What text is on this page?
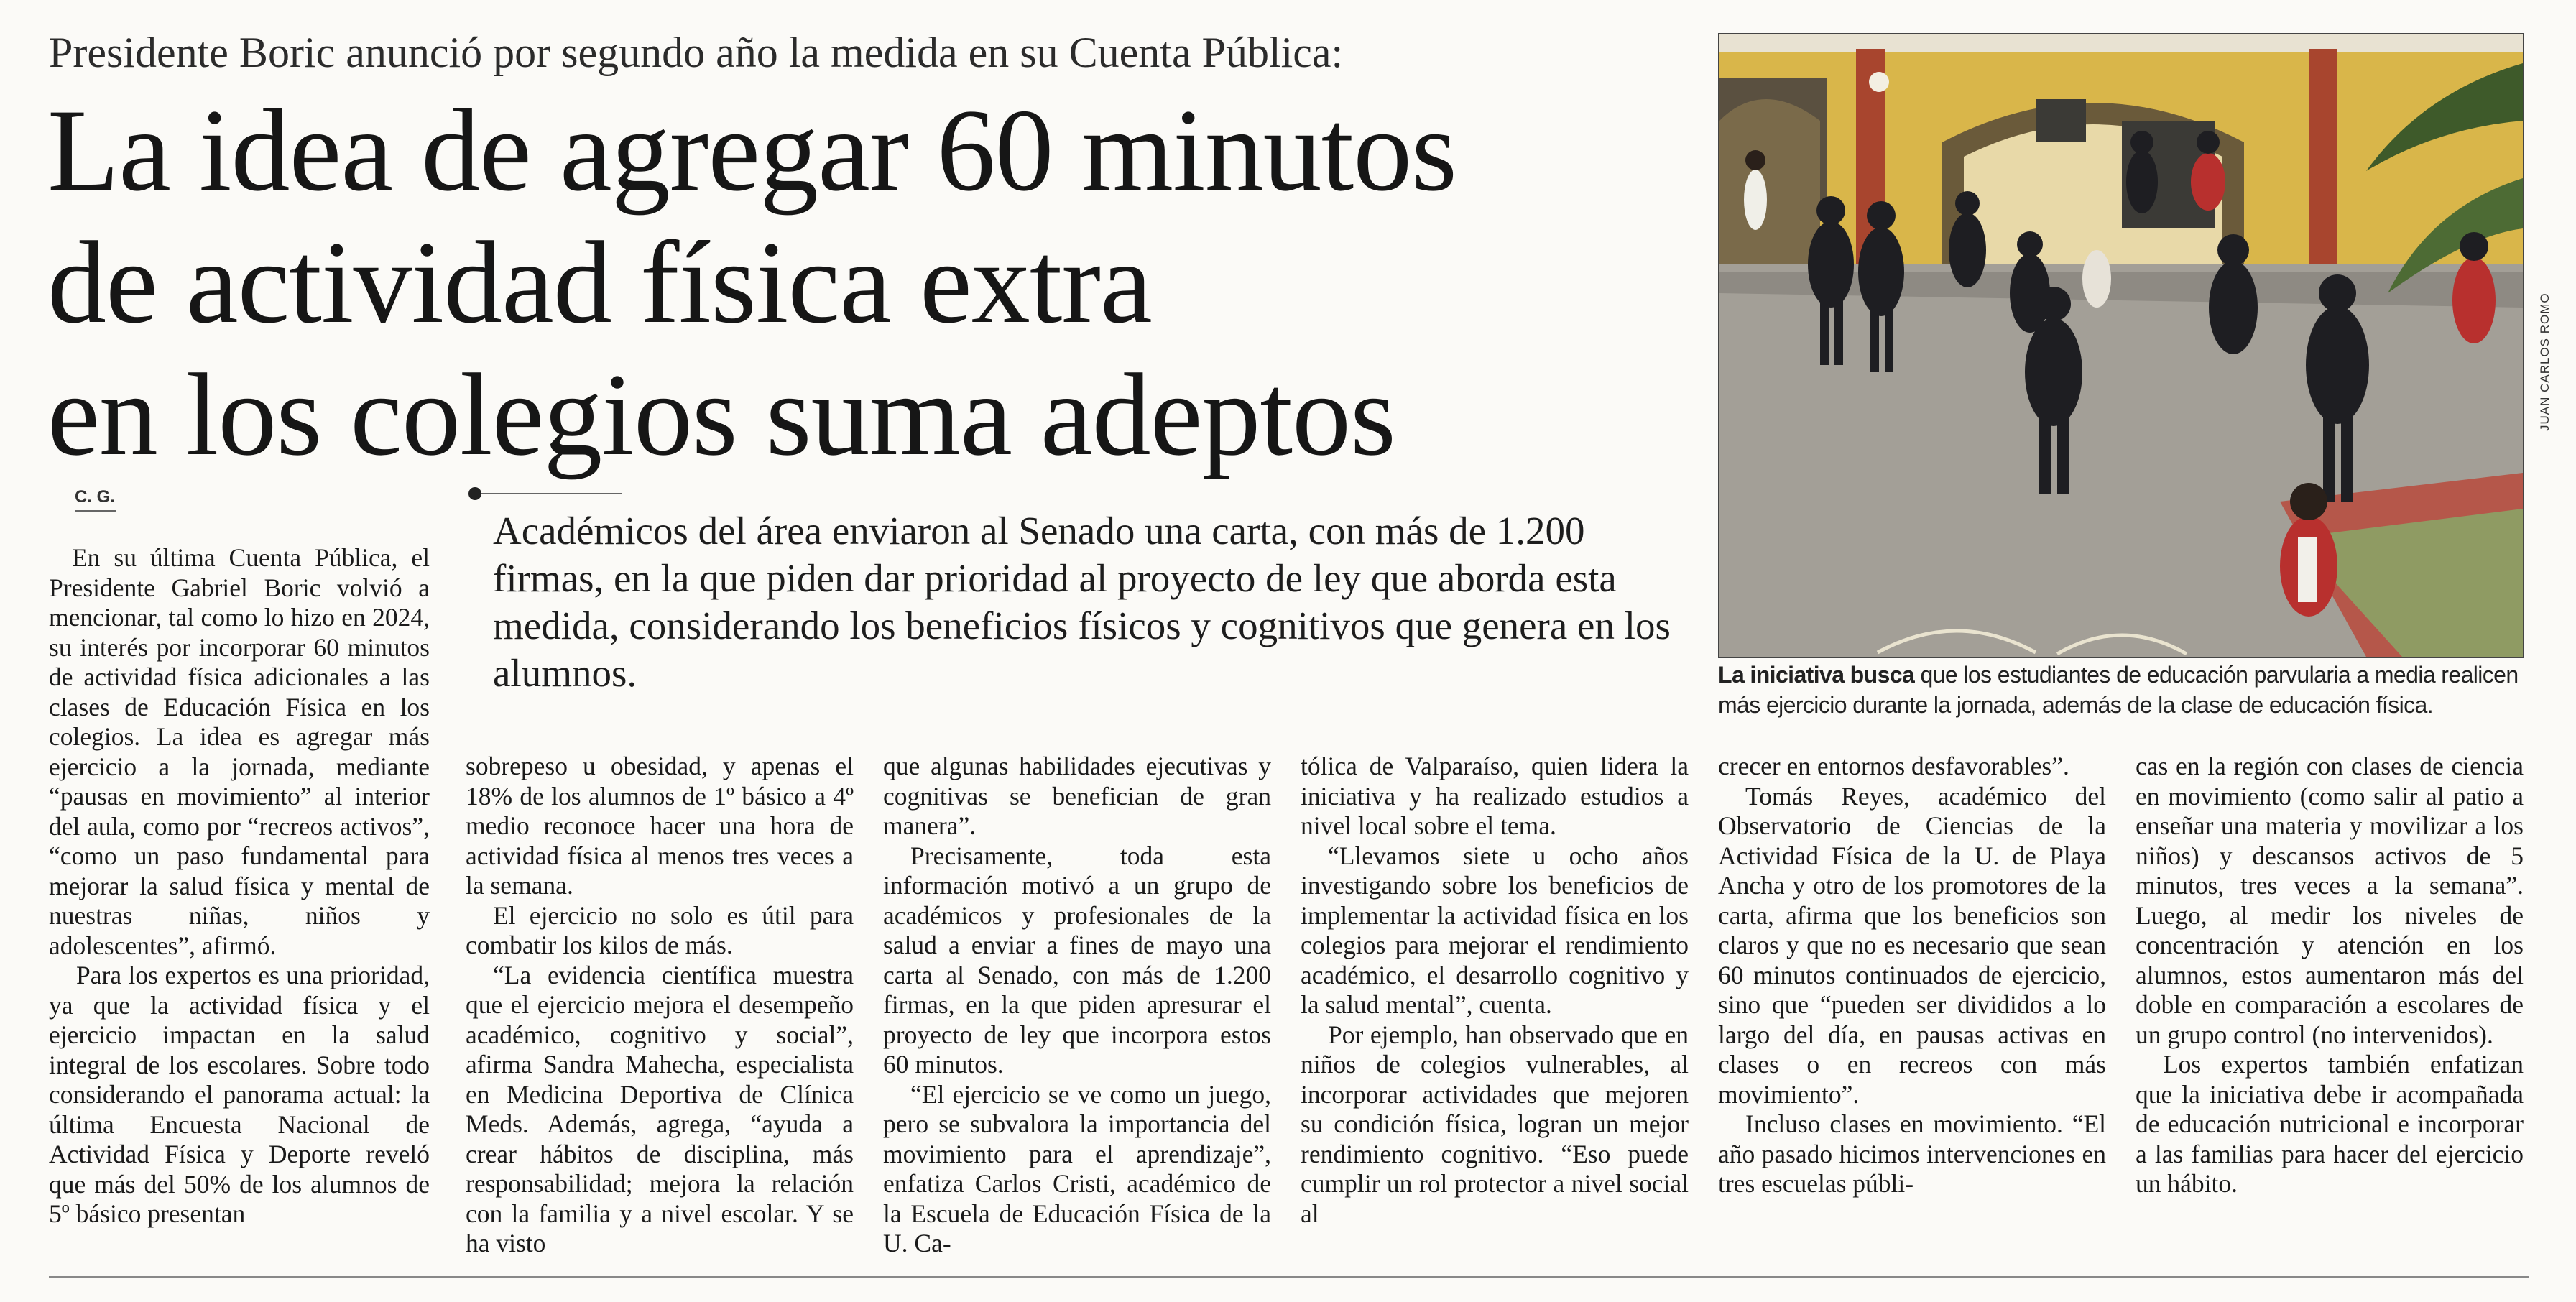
Presidente Boric anunció por segundo año la medida en su Cuenta Pública:
La idea de agregar 60 minutos
de actividad física extra
en los colegios suma adeptos
C. G.
Académicos del área enviaron al Senado una carta, con más de 1.200 firmas, en la que piden dar prioridad al proyecto de ley que aborda esta medida, considerando los beneficios físicos y cognitivos que genera en los alumnos.

En su última Cuenta Pública, el Presidente Gabriel Boric volvió a mencionar, tal como lo hizo en 2024, su interés por incorporar 60 minutos de actividad física adicionales a las clases de Educación Física en los colegios. La idea es agregar más ejercicio a la jornada, mediante “pausas en movimiento” al interior del aula, como por “recreos activos”, “como un paso fundamental para mejorar la salud física y mental de nuestras niñas, niños y adolescentes”, afirmó.

Para los expertos es una prioridad, ya que la actividad física y el ejercicio impactan en la salud integral de los escolares. Sobre todo considerando el panorama actual: la última Encuesta Nacional de Actividad Física y Deporte reveló que más del 50% de los alumnos de 5º básico presentan

sobrepeso u obesidad, y apenas el 18% de los alumnos de 1º básico a 4º medio reconoce hacer una hora de actividad física al menos tres veces a la semana.

El ejercicio no solo es útil para combatir los kilos de más.

“La evidencia científica muestra que el ejercicio mejora el desempeño académico, cognitivo y social”, afirma Sandra Mahecha, especialista en Medicina Deportiva de Clínica Meds. Además, agrega, “ayuda a crear hábitos de disciplina, más responsabilidad; mejora la relación con la familia y a nivel escolar. Y se ha visto

que algunas habilidades ejecutivas y cognitivas se benefician de gran manera”.

Precisamente, toda esta información motivó a un grupo de académicos y profesionales de la salud a enviar a fines de mayo una carta al Senado, con más de 1.200 firmas, en la que piden apresurar el proyecto de ley que incorpora estos 60 minutos.

“El ejercicio se ve como un juego, pero se subvalora la importancia del movimiento para el aprendizaje”, enfatiza Carlos Cristi, académico de la Escuela de Educación Física de la U. Ca-

tólica de Valparaíso, quien lidera la iniciativa y ha realizado estudios a nivel local sobre el tema.

“Llevamos siete u ocho años investigando sobre los beneficios de implementar la actividad física en los colegios para mejorar el rendimiento académico, el desarrollo cognitivo y la salud mental”, cuenta.

Por ejemplo, han observado que en niños de colegios vulnerables, al incorporar actividades que mejoren su condición física, logran un mejor rendimiento cognitivo. “Eso puede cumplir un rol protector a nivel social al

crecer en entornos desfavorables”.

Tomás Reyes, académico del Observatorio de Ciencias de la Actividad Física de la U. de Playa Ancha y otro de los promotores de la carta, afirma que los beneficios son claros y que no es necesario que sean 60 minutos continuados de ejercicio, sino que “pueden ser divididos a lo largo del día, en pausas activas en clases o en recreos con más movimiento”.

Incluso clases en movimiento. “El año pasado hicimos intervenciones en tres escuelas públi-

cas en la región con clases de ciencia en movimiento (como salir al patio a enseñar una materia y movilizar a los niños) y descansos activos de 5 minutos, tres veces a la semana”. Luego, al medir los niveles de concentración y atención en los alumnos, estos aumentaron más del doble en comparación a escolares de un grupo control (no intervenidos).

Los expertos también enfatizan que la iniciativa debe ir acompañada de educación nutricional e incorporar a las familias para hacer del ejercicio un hábito.

JUAN CARLOS ROMO
La iniciativa busca que los estudiantes de educación parvularia a media realicen más ejercicio durante la jornada, además de la clase de educación física.
